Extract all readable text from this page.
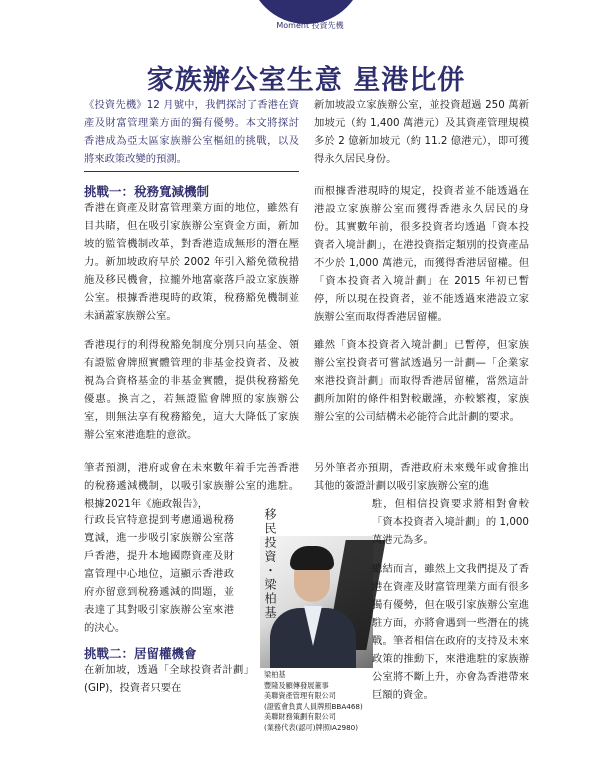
18
Moment 投資先機
家族辦公室生意 星港比併
《投資先機》12 月號中，我們探討了香港在資產及財富管理業方面的獨有優勢。本文將探討香港成為亞太區家族辦公室樞紐的挑戰，以及將來政策改變的預測。
挑戰一：稅務寬減機制
香港在資產及財富管理業方面的地位，雖然有目共睹，但在吸引家族辦公室資金方面，新加坡的監管機制改革，對香港造成無形的潛在壓力。新加坡政府早於 2002 年引入豁免徵稅措施及移民機會，拉攏外地富豪落戶設立家族辦公室。根據香港現時的政策，稅務豁免機制並未涵蓋家族辦公室。
香港現行的利得稅豁免制度分別只向基金、領有證監會牌照實體管理的非基金投資者、及被視為合資格基金的非基金實體，提供稅務豁免優惠。換言之，若無證監會牌照的家族辦公室，則無法享有稅務豁免，這大大降低了家族辦公室來港進駐的意欲。
筆者預測，港府或會在未來數年着手完善香港的稅務遞減機制，以吸引家族辦公室的進駐。根據2021年《施政報告》，
行政長官特意提到考慮通過稅務寬減，進一步吸引家族辦公室落戶香港，提升本地國際資產及財富管理中心地位，這顯示香港政府亦留意到稅務遞減的問題，並表達了其對吸引家族辦公室來港的決心。
挑戰二：居留權機會
在新加坡，透過「全球投資者計劃」(GIP)，投資者只要在
移民投資・梁柏基
梁柏基
豐隆及顧傳發展董事
美聯資產管理有限公司
(證監會負責人員牌照BBA468)
美聯財務策劃有限公司
(業務代表(認可)牌照IA2980)
新加坡設立家族辦公室，並投資超過 250 萬新加坡元（約 1,400 萬港元）及其資產管理規模多於 2 億新加坡元（約 11.2 億港元），即可獲得永久居民身份。
而根據香港現時的規定，投資者並不能透過在港設立家族辦公室而獲得香港永久居民的身份。其實數年前，很多投資者均透過「資本投資者入境計劃」，在港投資指定類別的投資產品不少於 1,000 萬港元，而獲得香港居留權。但「資本投資者入境計劃」在 2015 年初已暫停，所以現在投資者，並不能透過來港設立家族辦公室而取得香港居留權。
雖然「資本投資者入境計劃」已暫停，但家族辦公室投資者可嘗試透過另一計劃—「企業家來港投資計劃」而取得香港居留權，當然這計劃所加附的條件相對較嚴謹，亦較繁複，家族辦公室的公司結構未必能符合此計劃的要求。
另外筆者亦預期，香港政府未來幾年或會推出其他的簽證計劃以吸引家族辦公室的進
駐，但相信投資要求將相對會較「資本投資者入境計劃」的 1,000 萬港元為多。
總結而言，雖然上文我們提及了香港在資產及財富管理業方面有很多獨有優勢，但在吸引家族辦公室進駐方面，亦將會遇到一些潛在的挑戰。筆者相信在政府的支持及未來政策的推動下，來港進駐的家族辦公室將不斷上升，亦會為香港帶來巨額的資金。
